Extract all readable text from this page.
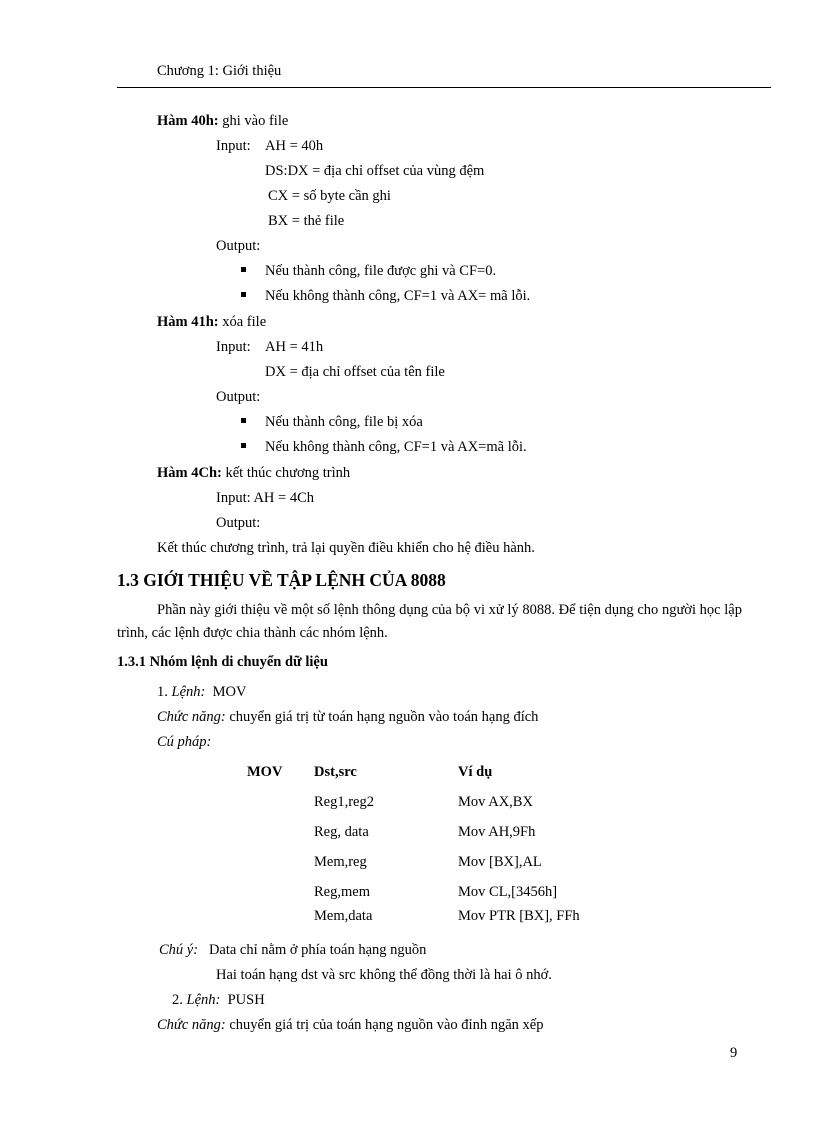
Chương 1: Giới thiệu
Hàm 40h: ghi vào file
Input: AH = 40h
DS:DX = địa chỉ offset của vùng đệm
CX = số byte cần ghi
BX = thẻ file
Output:
Nếu thành công, file được ghi và CF=0.
Nếu không thành công, CF=1 và AX= mã lỗi.
Hàm 41h: xóa file
Input: AH = 41h
DX = địa chỉ offset của tên file
Output:
Nếu thành công, file bị xóa
Nếu không thành công, CF=1 và AX=mã lỗi.
Hàm 4Ch: kết thúc chương trình
Input: AH = 4Ch
Output:
Kết thúc chương trình, trả lại quyền điều khiển cho hệ điều hành.
1.3 GIỚI THIỆU VỀ TẬP LỆNH CỦA 8088
Phần này giới thiệu về một số lệnh thông dụng của bộ vi xử lý 8088. Để tiện dụng cho người học lập trình, các lệnh được chia thành các nhóm lệnh.
1.3.1 Nhóm lệnh di chuyển dữ liệu
1. Lệnh: MOV
Chức năng: chuyển giá trị từ toán hạng nguồn vào toán hạng đích
Cú pháp:
MOV Dst,src	Ví dụ
Reg1,reg2	Mov AX,BX
Reg, data	Mov AH,9Fh
Mem,reg	Mov [BX],AL
Reg,mem	Mov CL,[3456h]
Mem,data	Mov PTR [BX], FFh
Chú ý: Data chỉ nằm ở phía toán hạng nguồn
Hai toán hạng dst và src không thể đồng thời là hai ô nhớ.
2. Lệnh: PUSH
Chức năng: chuyển giá trị của toán hạng nguồn vào đỉnh ngăn xếp
9
